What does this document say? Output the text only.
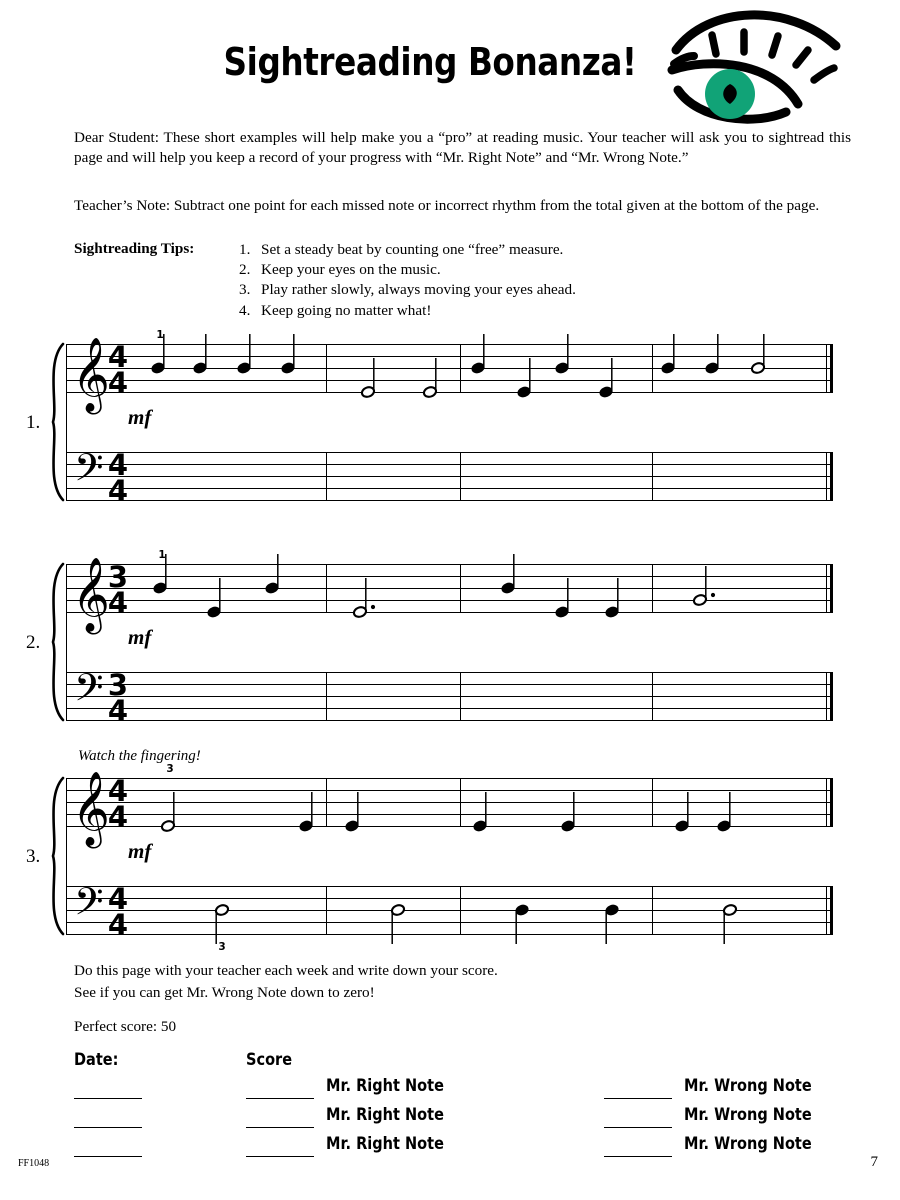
Sightreading Bonanza!
Dear Student: These short examples will help make you a “pro” at reading music. Your teacher will ask you to sightread this page and will help you keep a record of your progress with “Mr. Right Note” and “Mr. Wrong Note.”
Teacher’s Note: Subtract one point for each missed note or incorrect rhythm from the total given at the bottom of the page.
Sightreading Tips:	1. Set a steady beat by counting one “free” measure.
2. Keep your eyes on the music.
3. Play rather slowly, always moving your eyes ahead.
4. Keep going no matter what!
1.
𝄞
𝄢
4
4
4
4
mf
1
2.
𝄞
𝄢
3
4
3
4
mf
1
Watch the fingering!
3.
𝄞
𝄢
4
4
4
4
mf
3
3
Do this page with your teacher each week and write down your score.
See if you can get Mr. Wrong Note down to zero!
Perfect score: 50
Date:	Score
Mr. Right Note	Mr. Wrong Note
Mr. Right Note	Mr. Wrong Note
Mr. Right Note	Mr. Wrong Note
FF1048	7
